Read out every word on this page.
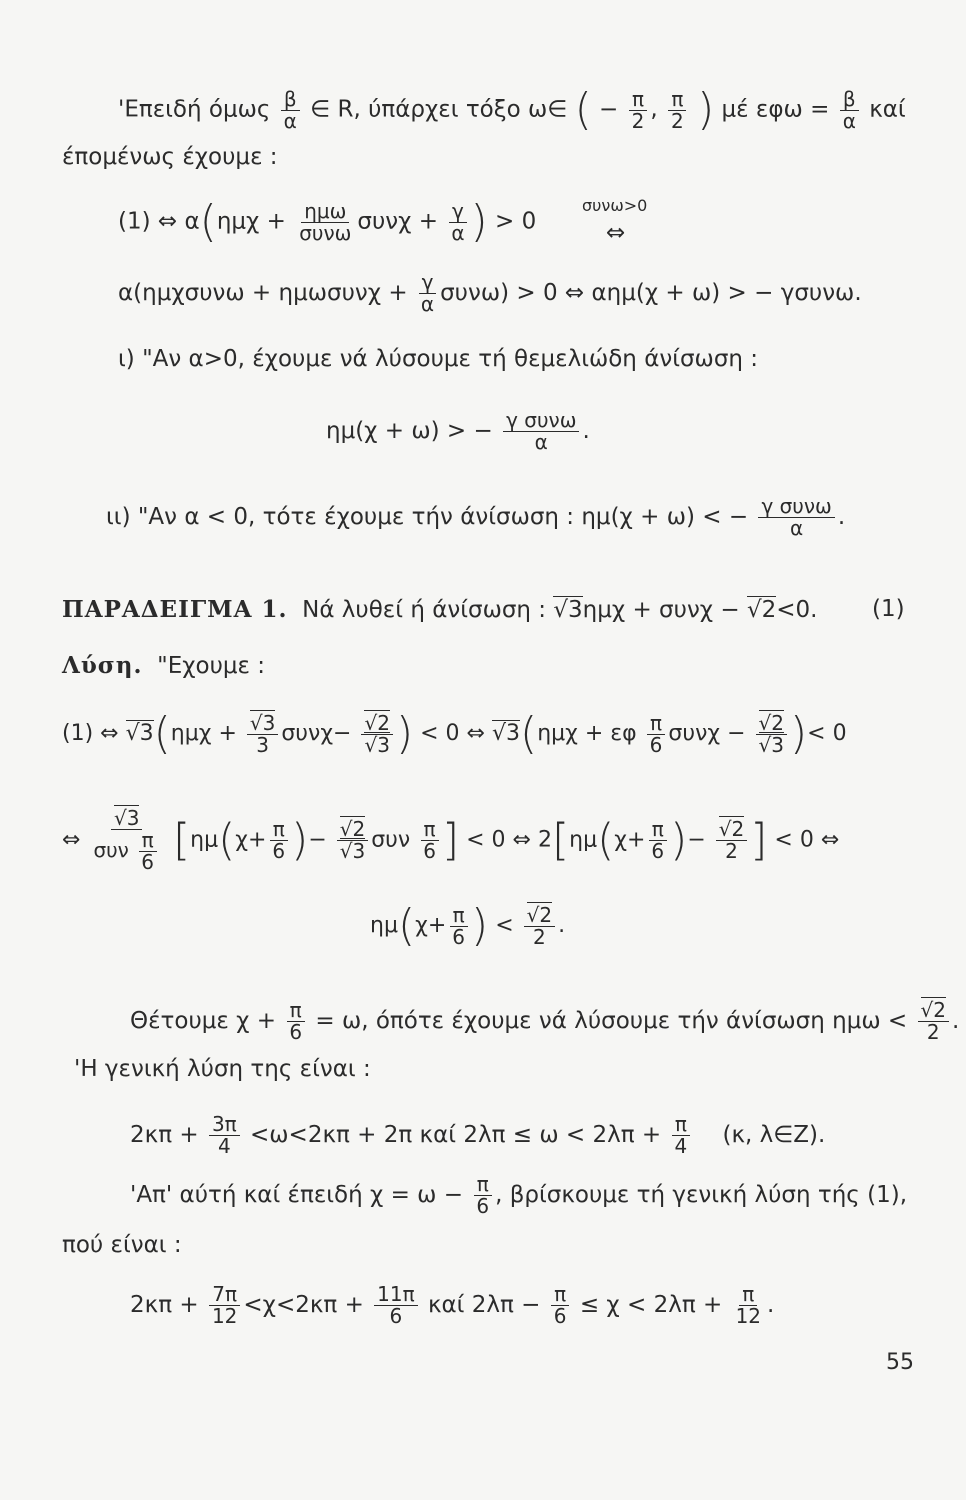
'Επειδή όμως $\frac{\beta}{\alpha}$ ∈ R, ύπάρχει τόξο ω∈ ( − $\frac{\pi}{2}$ , $\frac{\pi}{2}$ ) μέ $\varepsilon\varphi\omega = \frac{\beta}{\alpha}$ καί
έπομένως έχουμε :
(1) ⇔ α(ημχ + ημω
συνω $\sigma\upsilon\nu\chi + \frac{\gamma}{\alpha}$ ) > 0
συνω>0
⇔
$\alpha(\eta\mu\chi\sigma\upsilon\nu\omega + \eta\mu\omega\sigma\upsilon\nu\chi + \frac{\gamma}{\alpha} \sigma\upsilon\nu\omega) > 0$ ⇔ αημ(χ + ω) > − γσυνω.
ι) "Αν α>0, έχουμε νά λύσουμε τή θεμελιώδη άνίσωση :
ημ(χ + ω) > − γ συνω
α .
ιι) "Αν α < 0, τότε έχουμε τήν άνίσωση : ημ(χ + ω) < − γ συνω
α .
ΠΑΡΑΔΕΙΓΜΑ 1. Νά λυθεί ή άνίσωση : √ 3ημχ + συνχ − √ 2<0. (1)
Λύση. "Εχουμε :
(1) ⇔ √ 3(ημχ + √ $\frac{3}{3} \sigma\upsilon\nu\chi-$ √ 2
√ 3 ) < 0 ⇔ √ 3(ημχ + εφ $\frac{\pi}{6}$ συνχ − √ 2
√ 3 )< 0
⇔
√ 3
συν $\frac{\pi}{6} [\eta\mu(\chi+ \frac{\pi}{6}$ )− √ 2
√ 3 συν $\frac{\pi}{6}$ ] < 0 ⇔ $2[\eta\mu(\chi+ \frac{\pi}{6}$ )− √ $\frac{2}{2}$ ] < 0 ⇔
$\eta\mu(\chi+ \frac{\pi}{6}$ ) < √ $\frac{2}{2}$ .
Θέτουμε $\chi + \frac{\pi}{6} = \omega$, όπότε έχουμε νά λύσουμε τήν άνίσωση ημω < √ $\frac{2}{2}$ .
'Η γενική λύση της είναι :
$2\kappa\pi + \frac{3\pi}{4} <\omega<2\kappa\pi + 2\pi$ καί $2\lambda\pi \le \omega < 2\lambda\pi + \frac{\pi}{4} (\kappa$, λ∈Z).
'Απ' αύτή καί έπειδή $\chi = \omega - \frac{\pi}{6}$ , βρίσκουμε τή γενική λύση τής (1),
πού είναι :
$2\kappa\pi + \frac{7\pi}{12} <\chi<2\kappa\pi + \frac{11\pi}{6}$ καί $2\lambda\pi - \frac{\pi}{6} \le \chi < 2\lambda\pi + \frac{\pi}{12}$ .
55
